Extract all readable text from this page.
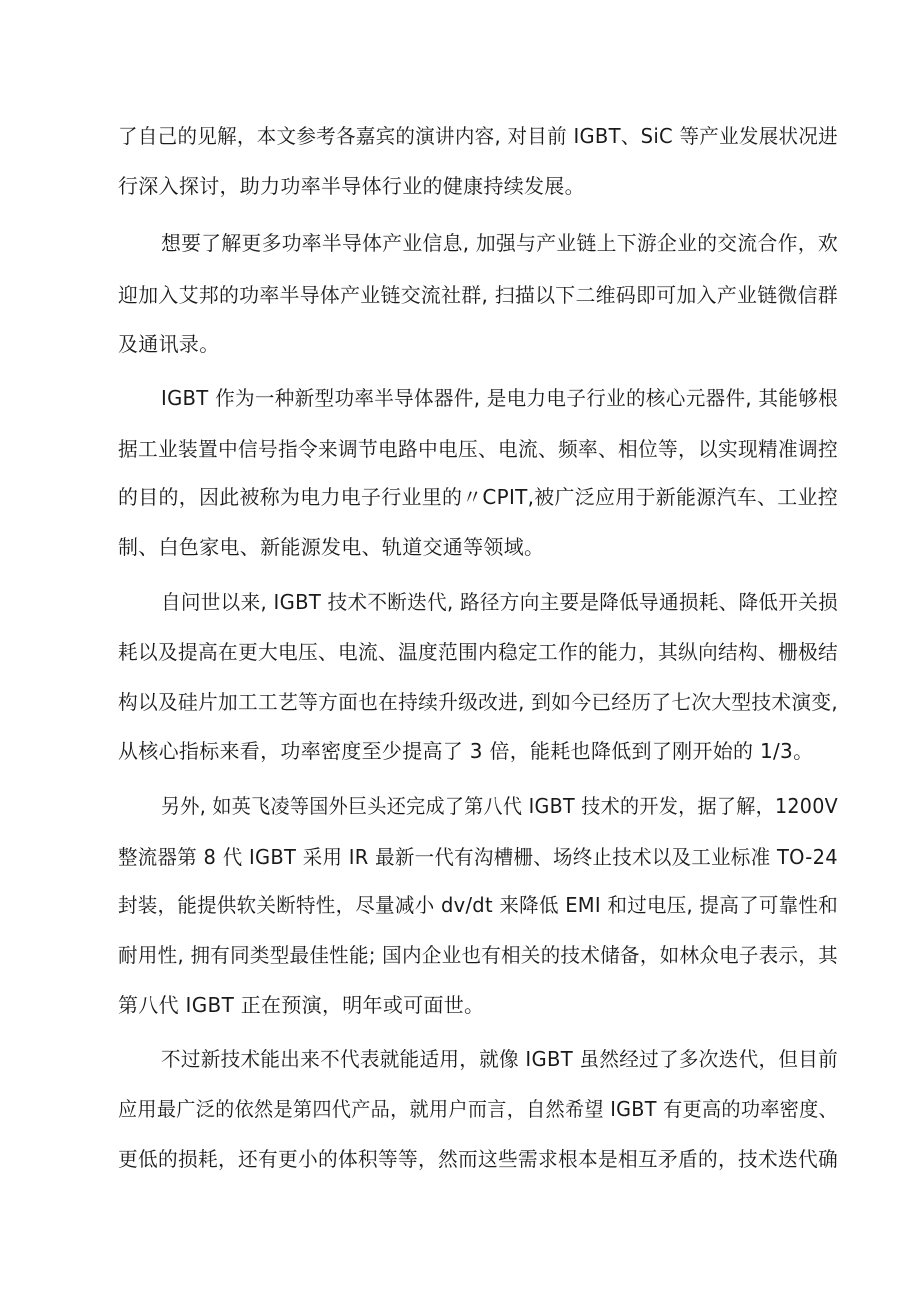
了自己的见解，本文参考各嘉宾的演讲内容, 对目前 IGBT、SiC 等产业发展状况进

行深入探讨，助力功率半导体行业的健康持续发展。

想要了解更多功率半导体产业信息, 加强与产业链上下游企业的交流合作，欢

迎加入艾邦的功率半导体产业链交流社群, 扫描以下二维码即可加入产业链微信群

及通讯录。

IGBT 作为一种新型功率半导体器件, 是电力电子行业的核心元器件, 其能够根

据工业装置中信号指令来调节电路中电压、电流、频率、相位等，以实现精准调控

的目的，因此被称为电力电子行业里的〃CPIT,被广泛应用于新能源汽车、工业控

制、白色家电、新能源发电、轨道交通等领域。

自问世以来, IGBT 技术不断迭代, 路径方向主要是降低导通损耗、降低开关损

耗以及提高在更大电压、电流、温度范围内稳定工作的能力，其纵向结构、栅极结

构以及硅片加工工艺等方面也在持续升级改进, 到如今已经历了七次大型技术演变,

从核心指标来看，功率密度至少提高了 3 倍，能耗也降低到了刚开始的 1/3。

另外, 如英飞凌等国外巨头还完成了第八代 IGBT 技术的开发，据了解，1200V

整流器第 8 代 IGBT 采用 IR 最新一代有沟槽栅、场终止技术以及工业标准 TO-24

封装，能提供软关断特性，尽量减小 dv/dt 来降低 EMI 和过电压, 提高了可靠性和

耐用性, 拥有同类型最佳性能; 国内企业也有相关的技术储备，如林众电子表示，其

第八代 IGBT 正在预演，明年或可面世。

不过新技术能出来不代表就能适用，就像 IGBT 虽然经过了多次迭代，但目前

应用最广泛的依然是第四代产品，就用户而言，自然希望 IGBT 有更高的功率密度、

更低的损耗，还有更小的体积等等，然而这些需求根本是相互矛盾的，技术迭代确
